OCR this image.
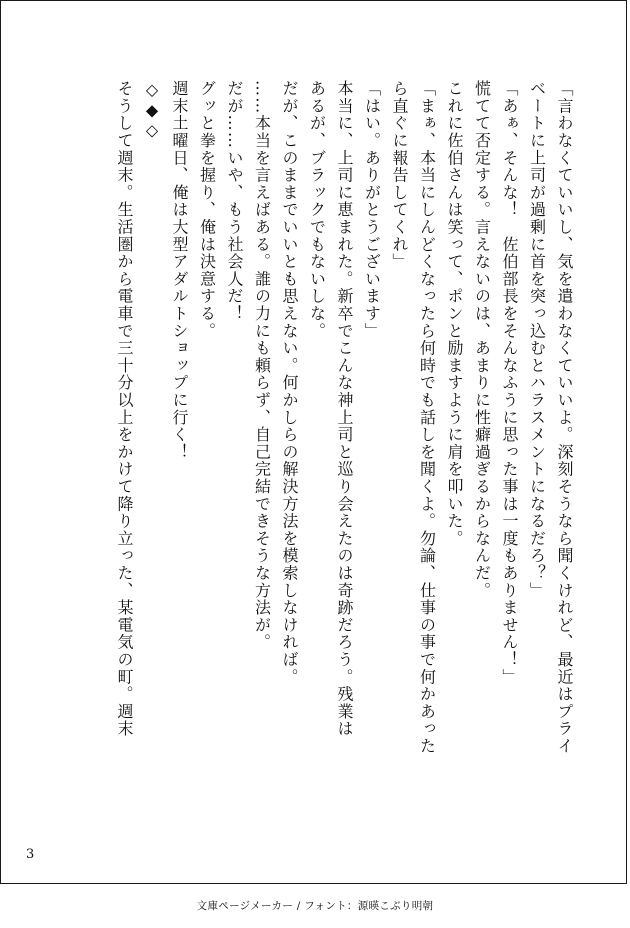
「言わなくていいし、気を遣わなくていいよ。深刻そうなら聞くけれど、最近はプライ

ベートに上司が過剰に首を突っ込むとハラスメントになるだろ？」

「あぁ、そんな！　佐伯部長をそんなふうに思った事は一度もありません！」

慌てて否定する。言えないのは、あまりに性癖過ぎるからなんだ。

これに佐伯さんは笑って、ポンと励ますように肩を叩いた。

「まぁ、本当にしんどくなったら何時でも話しを聞くよ。勿論、仕事の事で何かあった

ら直ぐに報告してくれ」

「はい。ありがとうございます」

本当に、上司に恵まれた。新卒でこんな神上司と巡り会えたのは奇跡だろう。残業は

あるが、ブラックでもないしな。

だが、このままでいいとも思えない。何かしらの解決方法を模索しなければ。

……本当を言えばある。誰の力にも頼らず、自己完結できそうな方法が。

だが……いや、もう社会人だ！

グッと拳を握り、俺は決意する。

週末土曜日、俺は大型アダルトショップに行く！

◇◆◇

そうして週末。生活圏から電車で三十分以上をかけて降り立った、某電気の町。週末

3
文庫ページメーカー / フォント：源暎こぶり明朝
